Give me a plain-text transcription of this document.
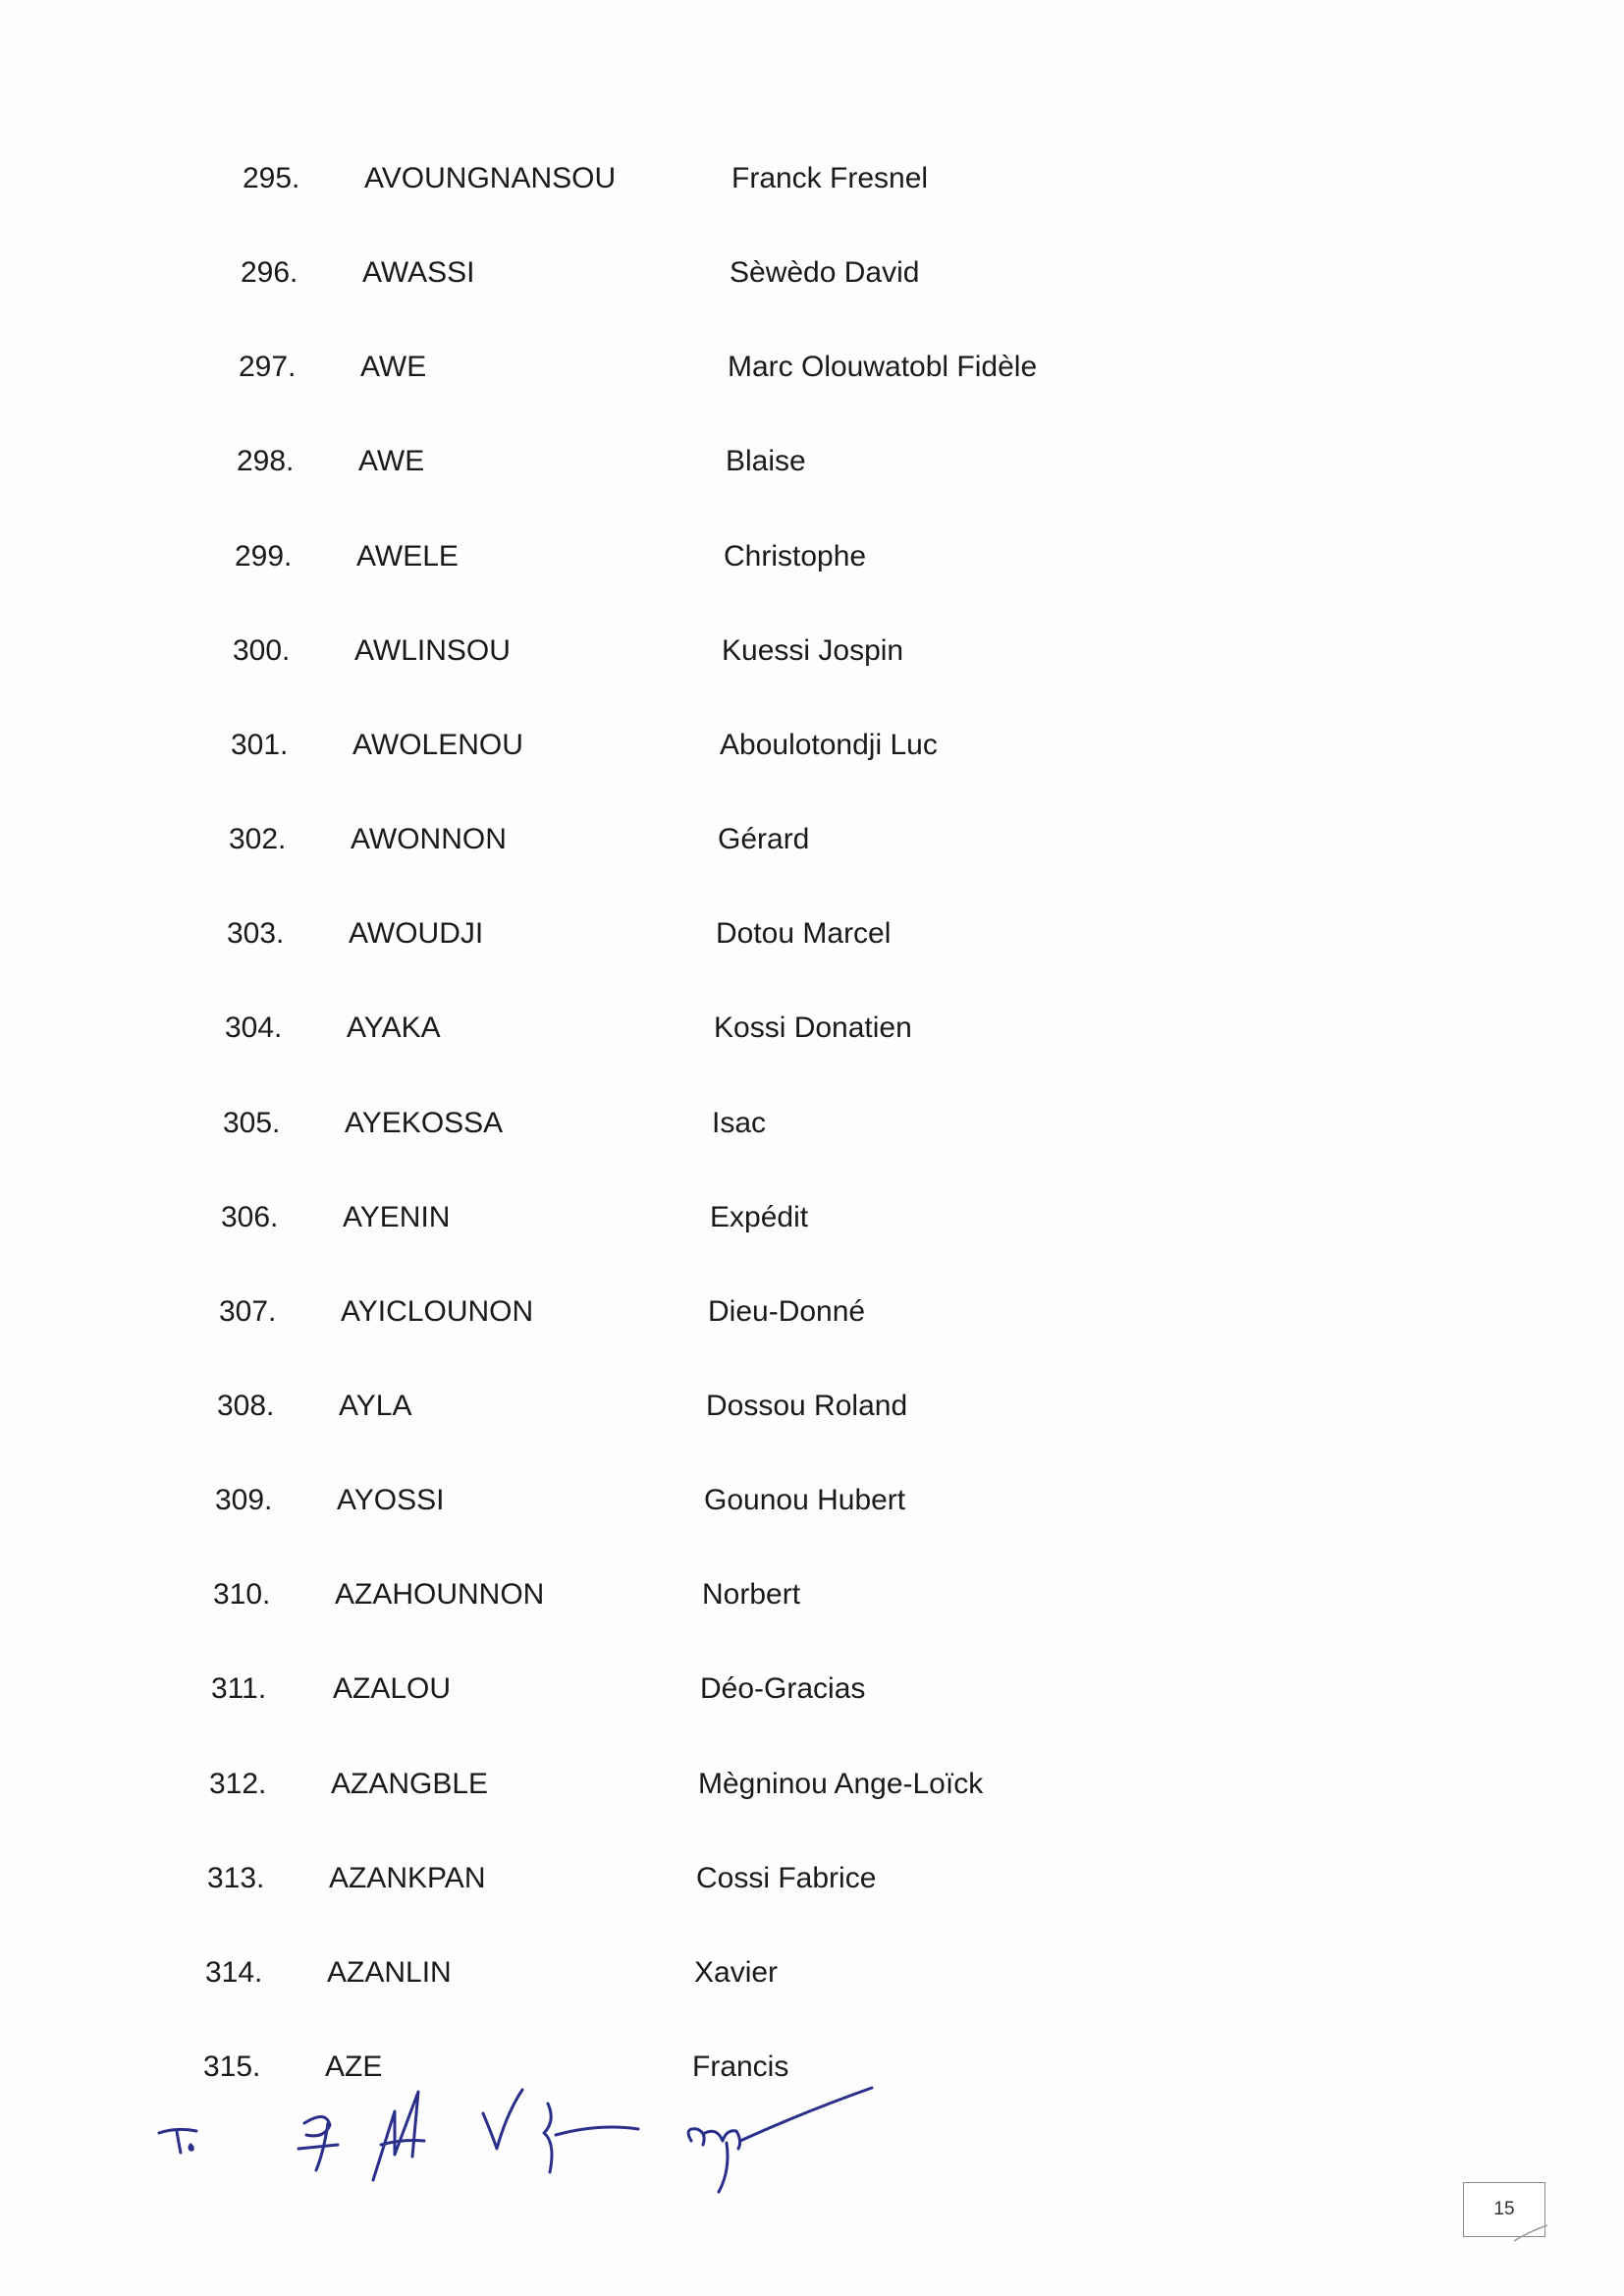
295. AVOUNGNANSOU	Franck Fresnel
296. AWASSI	Sèwèdo David
297. AWE	Marc Olouwatobl Fidèle
298. AWE	Blaise
299. AWELE	Christophe
300. AWLINSOU	Kuessi Jospin
301. AWOLENOU	Aboulotondji Luc
302. AWONNON	Gérard
303. AWOUDJI	Dotou Marcel
304. AYAKA	Kossi Donatien
305. AYEKOSSA	Isac
306. AYENIN	Expédit
307. AYICLOUNON	Dieu-Donné
308. AYLA	Dossou Roland
309. AYOSSI	Gounou Hubert
310. AZAHOUNNON	Norbert
311. AZALOU	Déo-Gracias
312. AZANGBLE	Mègninou Ange-Loïck
313. AZANKPAN	Cossi Fabrice
314. AZANLIN	Xavier
315. AZE	Francis
15
